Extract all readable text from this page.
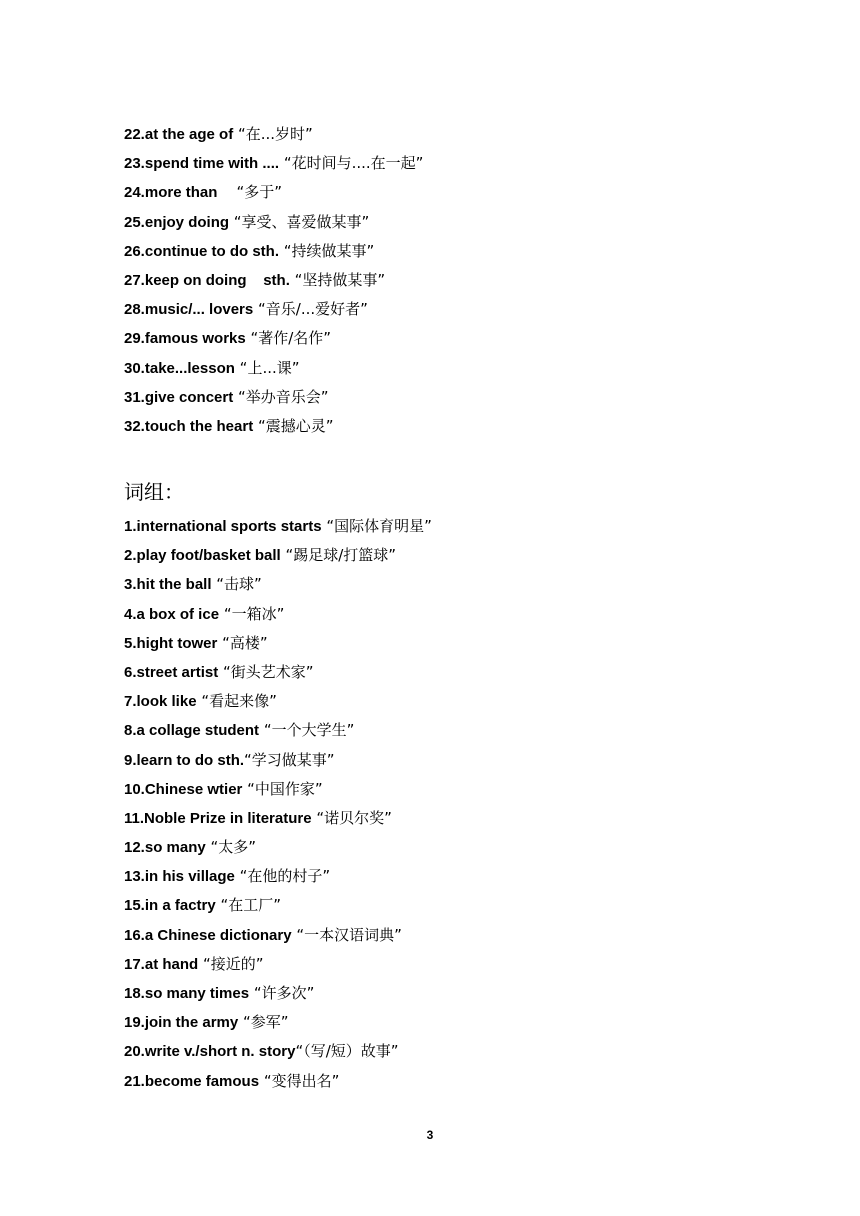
22.at the age of “在...岁时”
23.spend time with .... “花时间与....在一起”
24.more than    “多于”
25.enjoy doing “享受、喜爱做某事”
26.continue to do sth. “持续做某事”
27.keep on doing    sth. “坚持做某事”
28.music/... lovers “音乐/...爱好者”
29.famous works “著作/名作”
30.take...lesson “上...课”
31.give concert “举办音乐会”
32.touch the heart “震撼心灵”
词组：
1.international sports starts “国际体育明星”
2.play foot/basket ball “踢足球/打篮球”
3.hit the ball “击球”
4.a box of ice “一箱冰”
5.hight tower “高楼”
6.street artist “街头艺术家”
7.look like “看起来像”
8.a collage student “一个大学生”
9.learn to do sth.“学习做某事”
10.Chinese wtier “中国作家”
11.Noble Prize in literature “诺贝尔奖”
12.so many “太多”
13.in his village “在他的村子”
15.in a factry “在工厂”
16.a Chinese dictionary “一本汉语词典”
17.at hand “接近的”
18.so many times “许多次”
19.join the army “参军”
20.write v./short n. story“（写/短）故事”
21.become famous “变得出名”
3
